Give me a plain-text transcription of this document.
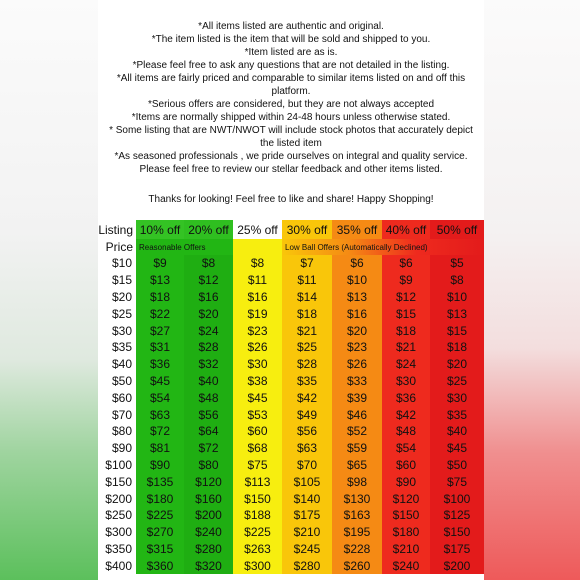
*All items listed are authentic and original.

*The item listed is the item that will be sold and shipped to you.

*Item listed are as is.

*Please feel free to ask any questions that are not detailed in the listing.

*All items are fairly priced and comparable to similar items listed on and off this platform.

*Serious offers are considered, but they are not always accepted

*Items are normally shipped within 24-48 hours unless otherwise stated.

* Some listing that are NWT/NWOT will include stock photos that accurately depict the listed item

*As seasoned professionals , we pride ourselves on integral and quality service. Please feel free to review our stellar feedback and other items listed.

Thanks for looking! Feel free to like and share! Happy Shopping!
Listing	10% off	20% off	25% off	30% off	35% off	40% off	50% off
Price	Reasonable Offers			Low Ball Offers (Automatically Declined)			
$10	$9	$8	$8	$7	$6	$6	$5
$15	$13	$12	$11	$11	$10	$9	$8
$20	$18	$16	$16	$14	$13	$12	$10
$25	$22	$20	$19	$18	$16	$15	$13
$30	$27	$24	$23	$21	$20	$18	$15
$35	$31	$28	$26	$25	$23	$21	$18
$40	$36	$32	$30	$28	$26	$24	$20
$50	$45	$40	$38	$35	$33	$30	$25
$60	$54	$48	$45	$42	$39	$36	$30
$70	$63	$56	$53	$49	$46	$42	$35
$80	$72	$64	$60	$56	$52	$48	$40
$90	$81	$72	$68	$63	$59	$54	$45
$100	$90	$80	$75	$70	$65	$60	$50
$150	$135	$120	$113	$105	$98	$90	$75
$200	$180	$160	$150	$140	$130	$120	$100
$250	$225	$200	$188	$175	$163	$150	$125
$300	$270	$240	$225	$210	$195	$180	$150
$350	$315	$280	$263	$245	$228	$210	$175
$400	$360	$320	$300	$280	$260	$240	$200
